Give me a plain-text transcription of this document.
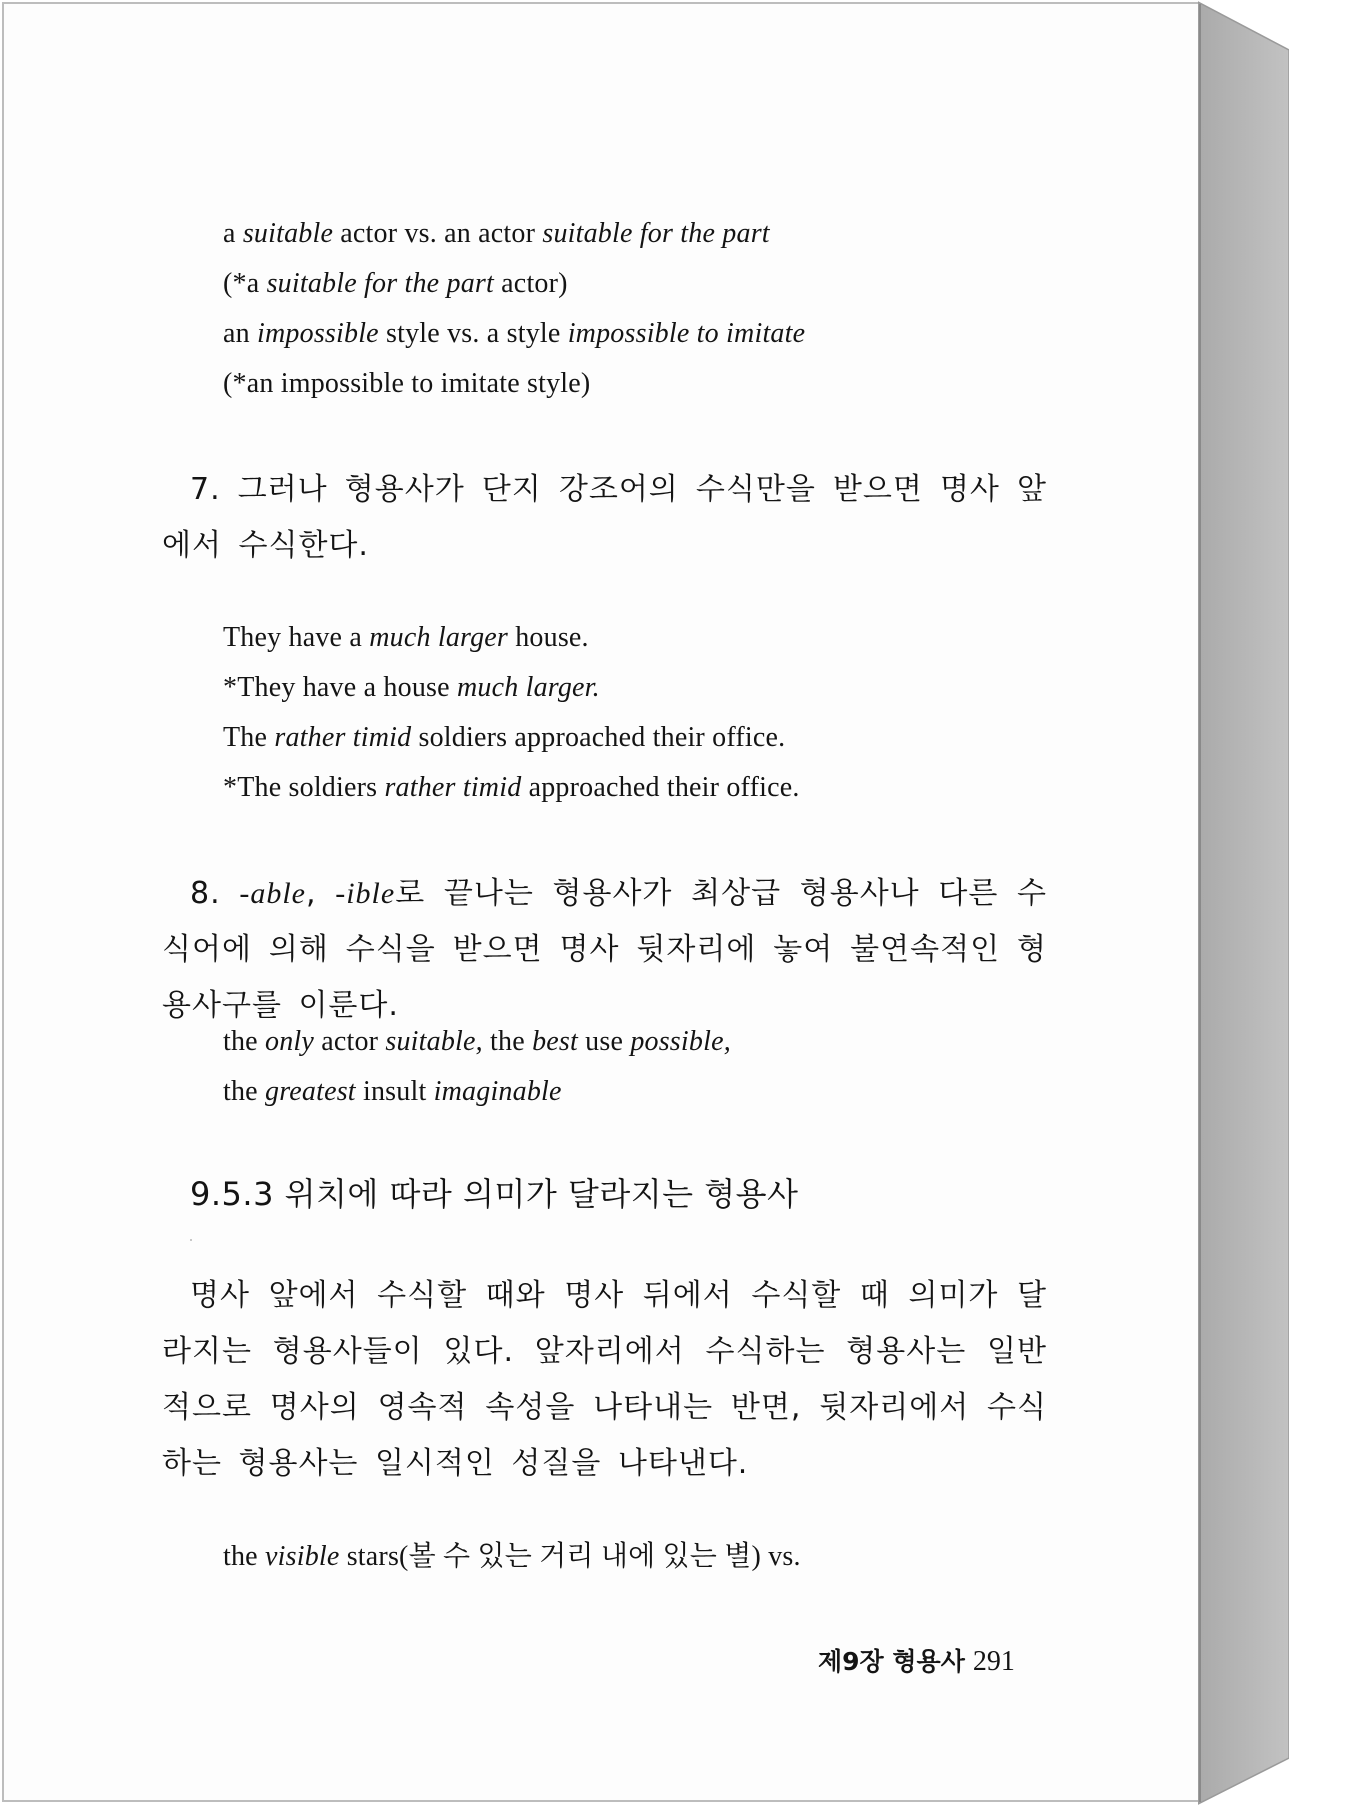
a suitable actor vs. an actor suitable for the part
(*a suitable for the part actor)
an impossible style vs. a style impossible to imitate
(*an impossible to imitate style)
7. 그러나 형용사가 단지 강조어의 수식만을 받으면 명사 앞에서 수식한다.
They have a much larger house.
*They have a house much larger.
The rather timid soldiers approached their office.
*The soldiers rather timid approached their office.
8. -able, -ible로 끝나는 형용사가 최상급 형용사나 다른 수식어에 의해 수식을 받으면 명사 뒷자리에 놓여 불연속적인 형용사구를 이룬다.
the only actor suitable, the best use possible,
the greatest insult imaginable
9.5.3 위치에 따라 의미가 달라지는 형용사
명사 앞에서 수식할 때와 명사 뒤에서 수식할 때 의미가 달라지는 형용사들이 있다. 앞자리에서 수식하는 형용사는 일반적으로 명사의 영속적 속성을 나타내는 반면, 뒷자리에서 수식하는 형용사는 일시적인 성질을 나타낸다.
the visible stars(볼 수 있는 거리 내에 있는 별) vs.
제9장 형용사 291
